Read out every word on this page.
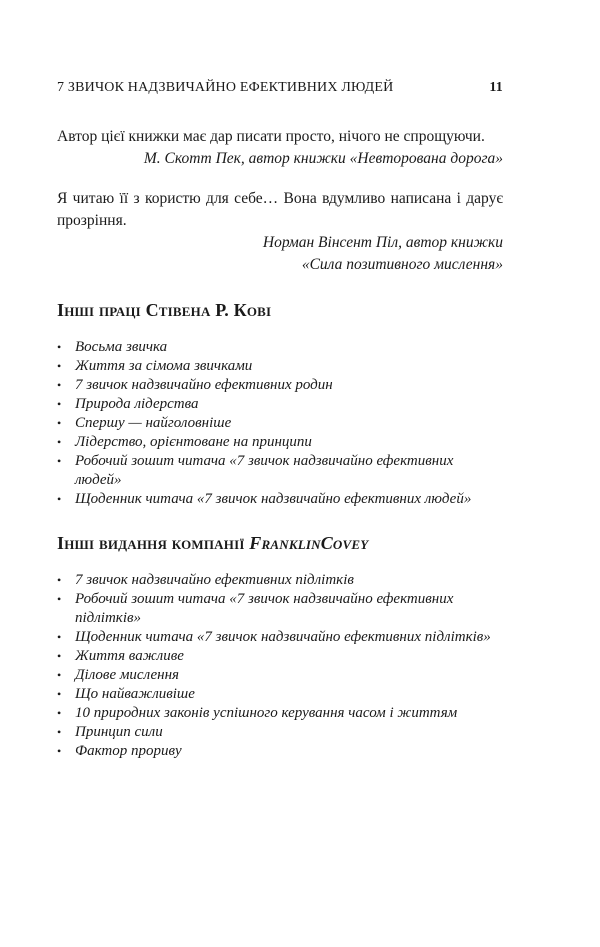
7 ЗВИЧОК НАДЗВИЧАЙНО ЕФЕКТИВНИХ ЛЮДЕЙ	11

Автор цієї книжки має дар писати просто, нічого не спрощуючи.

М. Скотт Пек, автор книжки «Невторована дорога»

Я читаю її з користю для себе… Вона вдумливо написана і дарує прозріння.

Норман Вінсент Піл, автор книжки
«Сила позитивного мислення»

Інші праці Стівена Р. Кові
• Восьма звичка
• Життя за сімома звичками
• 7 звичок надзвичайно ефективних родин
• Природа лідерства
• Спершу — найголовніше
• Лідерство, орієнтоване на принципи
• Робочий зошит читача «7 звичок надзвичайно ефективних людей»
• Щоденник читача «7 звичок надзвичайно ефективних людей»
Інші видання компанії FranklinCovey
• 7 звичок надзвичайно ефективних підлітків
• Робочий зошит читача «7 звичок надзвичайно ефективних підлітків»
• Щоденник читача «7 звичок надзвичайно ефективних підлітків»
• Життя важливе
• Ділове мислення
• Що найважливіше
• 10 природних законів успішного керування часом і життям
• Принцип сили
• Фактор прориву
